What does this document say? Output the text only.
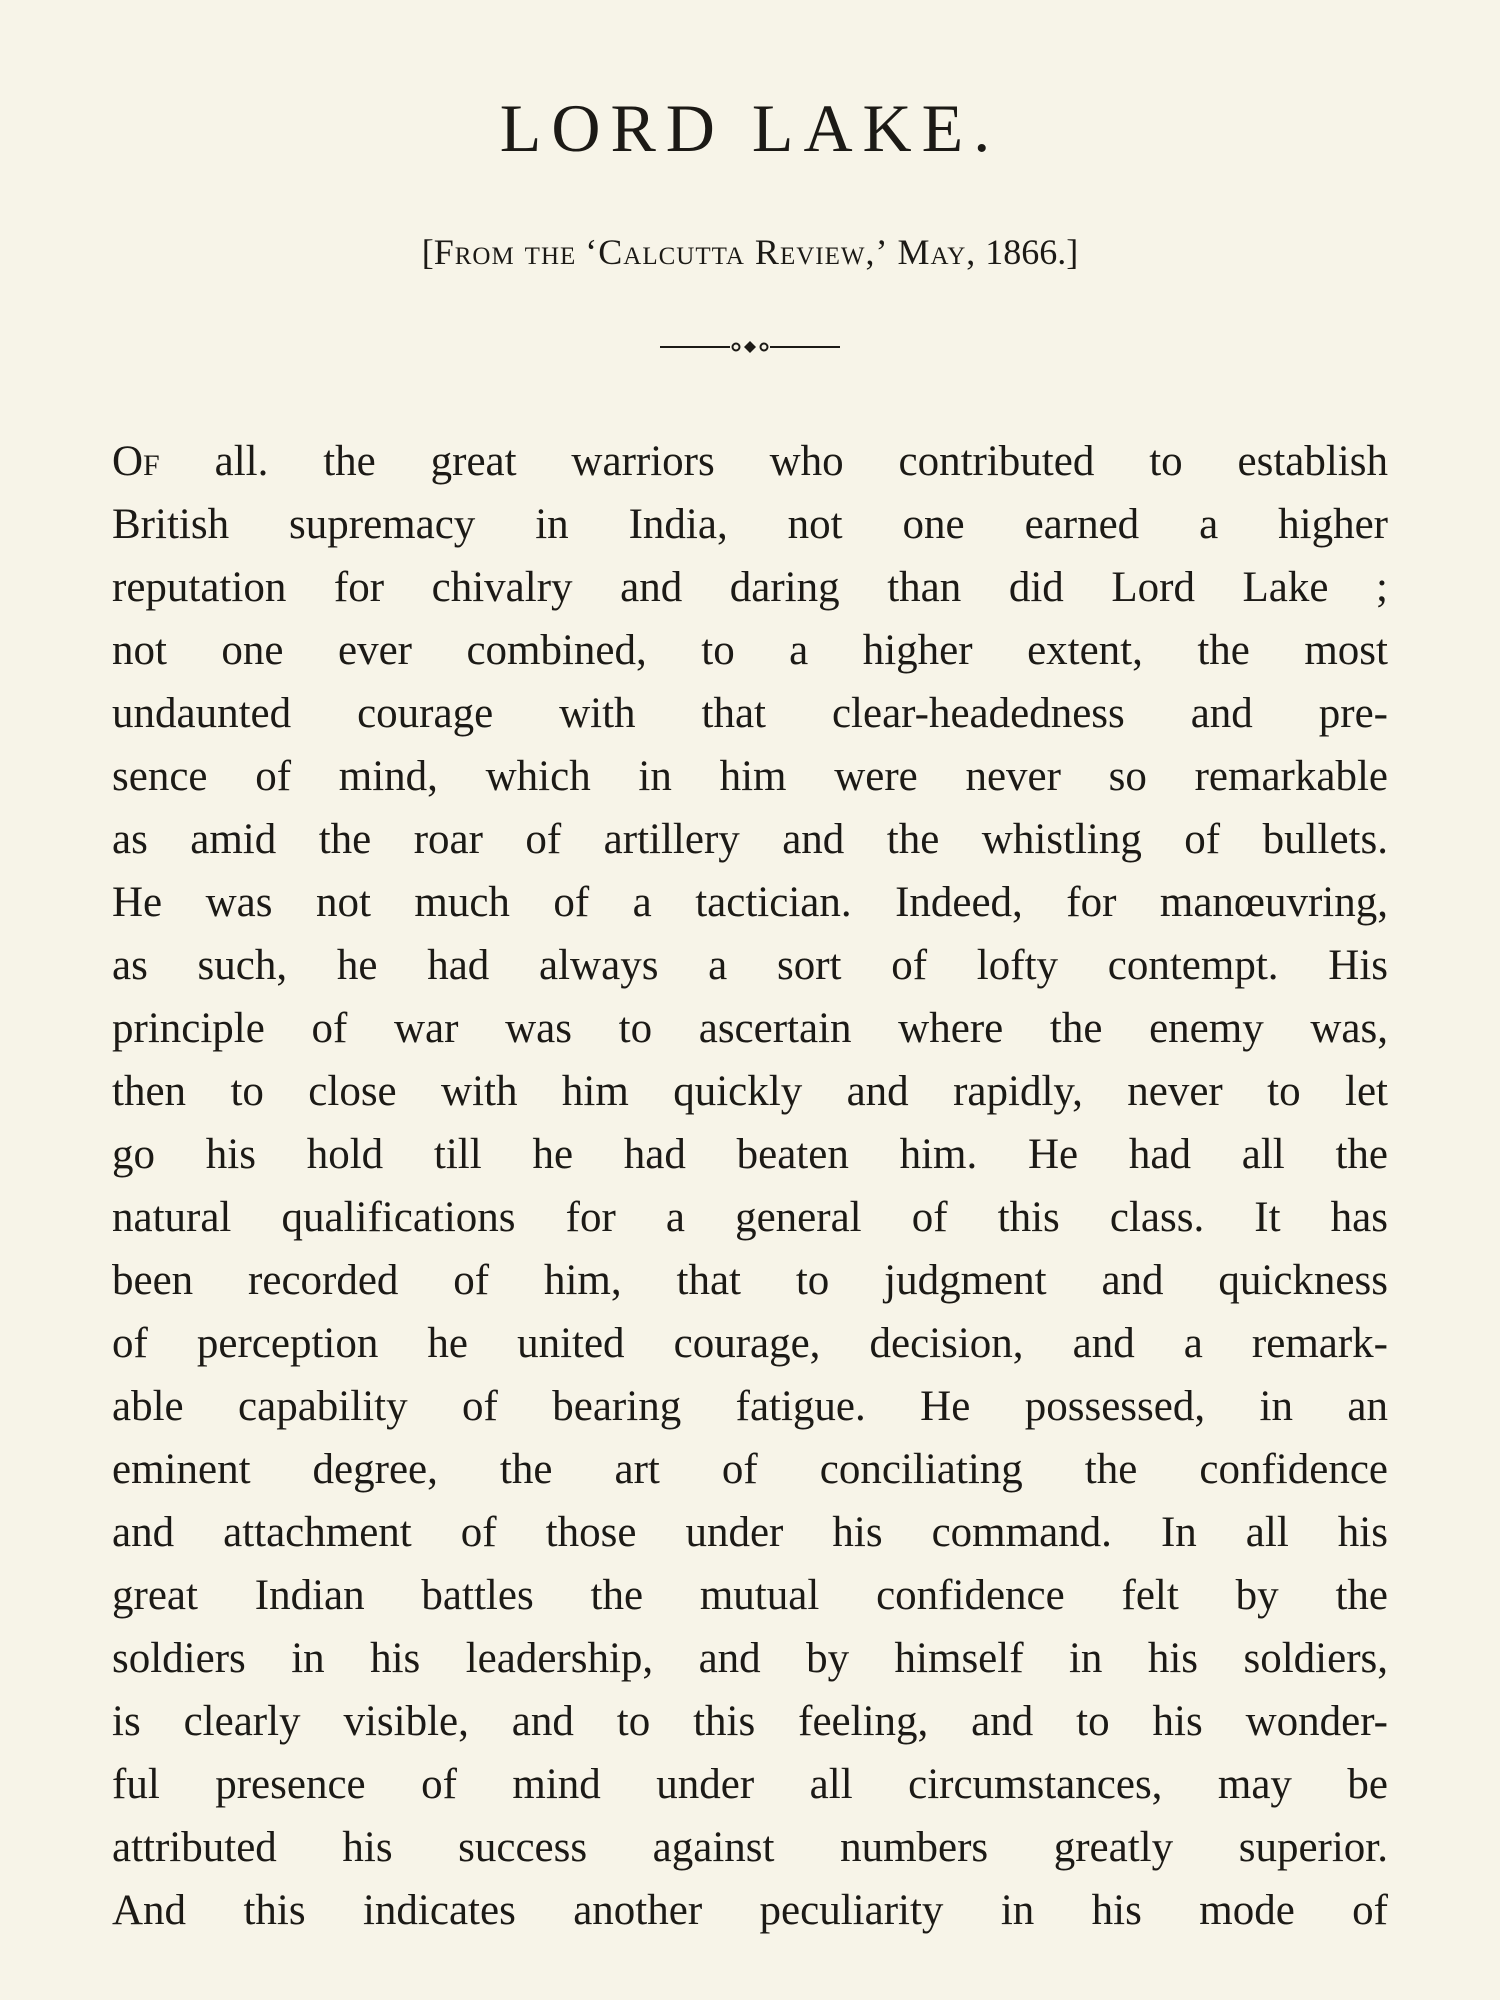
LORD LAKE.

[From the ‘Calcutta Review,’ May, 1866.]

Of all. the great warriors who contributed to establish
British supremacy in India, not one earned a higher
reputation for chivalry and daring than did Lord Lake ;
not one ever combined, to a higher extent, the most
undaunted courage with that clear-headedness and pre-
sence of mind, which in him were never so remarkable
as amid the roar of artillery and the whistling of bullets.
He was not much of a tactician. Indeed, for manœuvring,
as such, he had always a sort of lofty contempt. His
principle of war was to ascertain where the enemy was,
then to close with him quickly and rapidly, never to let
go his hold till he had beaten him. He had all the
natural qualifications for a general of this class. It has
been recorded of him, that to judgment and quickness
of perception he united courage, decision, and a remark-
able capability of bearing fatigue. He possessed, in an
eminent degree, the art of conciliating the confidence
and attachment of those under his command. In all his
great Indian battles the mutual confidence felt by the
soldiers in his leadership, and by himself in his soldiers,
is clearly visible, and to this feeling, and to his wonder-
ful presence of mind under all circumstances, may be
attributed his success against numbers greatly superior.
And this indicates another peculiarity in his mode of
